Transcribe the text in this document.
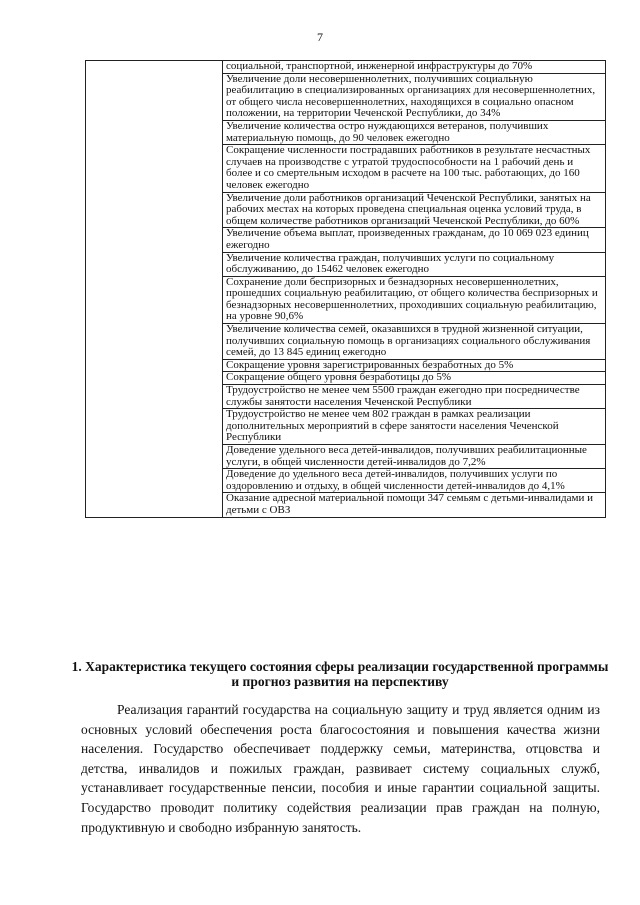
7
	социальной, транспортной, инженерной инфраструктуры до 70%
Увеличение доли несовершеннолетних, получивших социальную реабилитацию в специализированных организациях для несовершеннолетних, от общего числа несовершеннолетних, находящихся в социально опасном положении, на территории Чеченской Республики, до 34%
Увеличение количества остро нуждающихся ветеранов, получивших материальную помощь, до 90 человек ежегодно
Сокращение численности пострадавших работников в результате несчастных случаев на производстве с утратой трудоспособности на 1 рабочий день и более и со смертельным исходом в расчете на 100 тыс. работающих, до 160 человек ежегодно
Увеличение доли работников организаций Чеченской Республики, занятых на рабочих местах на которых проведена специальная оценка условий труда, в общем количестве работников организаций Чеченской Республики, до 60%
Увеличение объема выплат, произведенных гражданам, до 10 069 023 единиц ежегодно
Увеличение количества граждан, получивших услуги по социальному обслуживанию, до 15462 человек ежегодно
Сохранение доли беспризорных и безнадзорных несовершеннолетних, прошедших социальную реабилитацию, от общего количества беспризорных и безнадзорных несовершеннолетних, проходивших социальную реабилитацию, на уровне 90,6%
Увеличение количества семей, оказавшихся в трудной жизненной ситуации, получивших социальную помощь в организациях социального обслуживания семей, до 13 845 единиц ежегодно
Сокращение уровня зарегистрированных безработных до 5%
Сокращение общего уровня безработицы до 5%
Трудоустройство не менее чем 5500 граждан ежегодно при посредничестве службы занятости населения Чеченской Республики
Трудоустройство не менее чем 802 граждан в рамках реализации дополнительных мероприятий в сфере занятости населения Чеченской Республики
Доведение удельного веса детей-инвалидов, получивших реабилитационные услуги, в общей численности детей-инвалидов до 7,2%
Доведение до удельного веса детей-инвалидов, получивших услуги по оздоровлению и отдыху, в общей численности детей-инвалидов до 4,1%
Оказание адресной материальной помощи 347 семьям с детьми-инвалидами и детьми с ОВЗ
1. Характеристика текущего состояния сферы реализации государственной программы и прогноз развития на перспективу

Реализация гарантий государства на социальную защиту и труд является одним из основных условий обеспечения роста благосостояния и повышения качества жизни населения. Государство обеспечивает поддержку семьи, материнства, отцовства и детства, инвалидов и пожилых граждан, развивает систему социальных служб, устанавливает государственные пенсии, пособия и иные гарантии социальной защиты. Государство проводит политику содействия реализации прав граждан на полную, продуктивную и свободно избранную занятость.
